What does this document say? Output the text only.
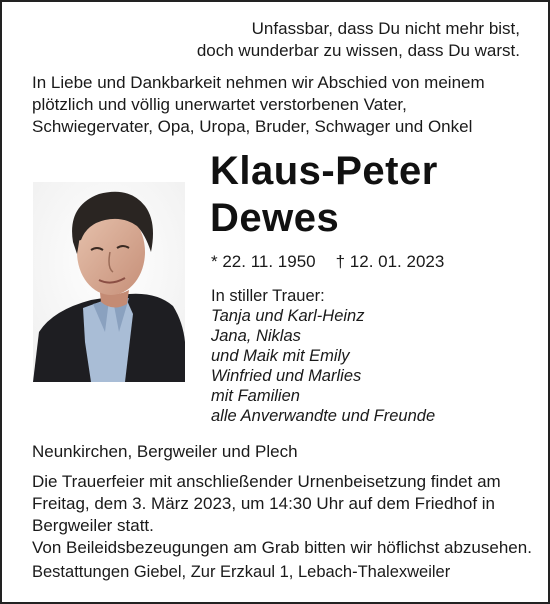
Unfassbar, dass Du nicht mehr bist,
doch wunderbar zu wissen, dass Du warst.
In Liebe und Dankbarkeit nehmen wir Abschied von meinem
plötzlich und völlig unerwartet verstorbenen Vater,
Schwiegervater, Opa, Uropa, Bruder, Schwager und Onkel
Klaus-Peter
Dewes
* 22. 11. 1950 † 12. 01. 2023
In stiller Trauer:
Tanja und Karl-Heinz
Jana, Niklas
und Maik mit Emily
Winfried und Marlies
mit Familien
alle Anverwandte und Freunde
Neunkirchen, Bergweiler und Plech
Die Trauerfeier mit anschließender Urnenbeisetzung findet am
Freitag, dem 3. März 2023, um 14:30 Uhr auf dem Friedhof in
Bergweiler statt.
Von Beileidsbezeugungen am Grab bitten wir höflichst abzusehen.
Bestattungen Giebel, Zur Erzkaul 1, Lebach-Thalexweiler
